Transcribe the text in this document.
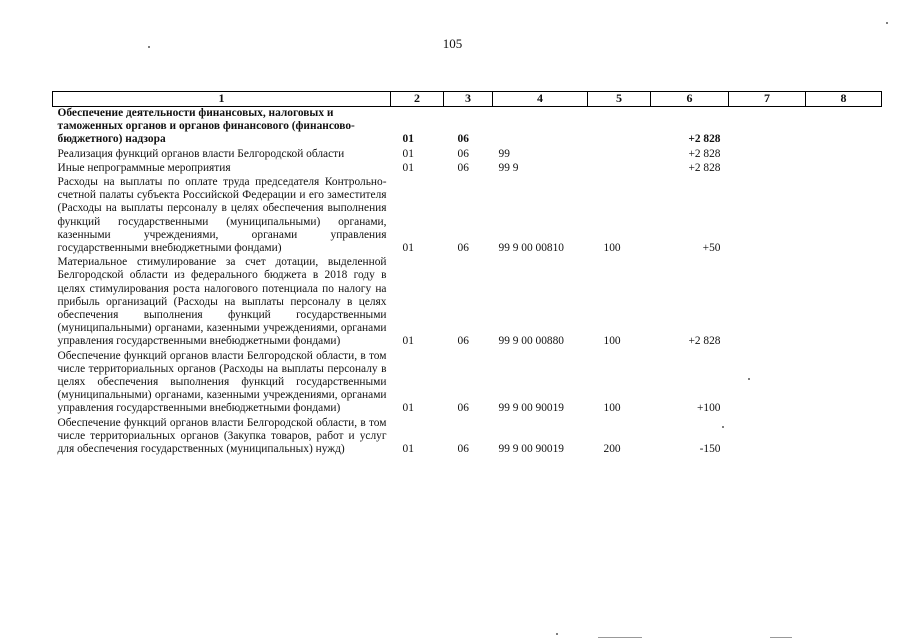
105
1	2	3	4	5	6	7	8
Обеспечение деятельности финансовых, налоговых и таможенных органов и органов финансового (финансово-бюджетного) надзора	01	06			+2 828		
Реализация функций органов власти Белгородской области	01	06	99		+2 828		
Иные непрограммные мероприятия	01	06	99 9		+2 828		
Расходы на выплаты по оплате труда председателя Контрольно-счетной палаты субъекта Российской Федерации и его заместителя (Расходы на выплаты персоналу в целях обеспечения выполнения функций государственными (муниципальными) органами, казенными учреждениями, органами управления государственными внебюджетными фондами)	01	06	99 9 00 00810	100	+50		
Материальное стимулирование за счет дотации, выделенной Белгородской области из федерального бюджета в 2018 году в целях стимулирования роста налогового потенциала по налогу на прибыль организаций (Расходы на выплаты персоналу в целях обеспечения выполнения функций государственными (муниципальными) органами, казенными учреждениями, органами управления государственными внебюджетными фондами)	01	06	99 9 00 00880	100	+2 828		
Обеспечение функций органов власти Белгородской области, в том числе территориальных органов (Расходы на выплаты персоналу в целях обеспечения выполнения функций государственными (муниципальными) органами, казенными учреждениями, органами управления государственными внебюджетными фондами)	01	06	99 9 00 90019	100	+100		
Обеспечение функций органов власти Белгородской области, в том числе территориальных органов (Закупка товаров, работ и услуг для обеспечения государственных (муниципальных) нужд)	01	06	99 9 00 90019	200	-150		
